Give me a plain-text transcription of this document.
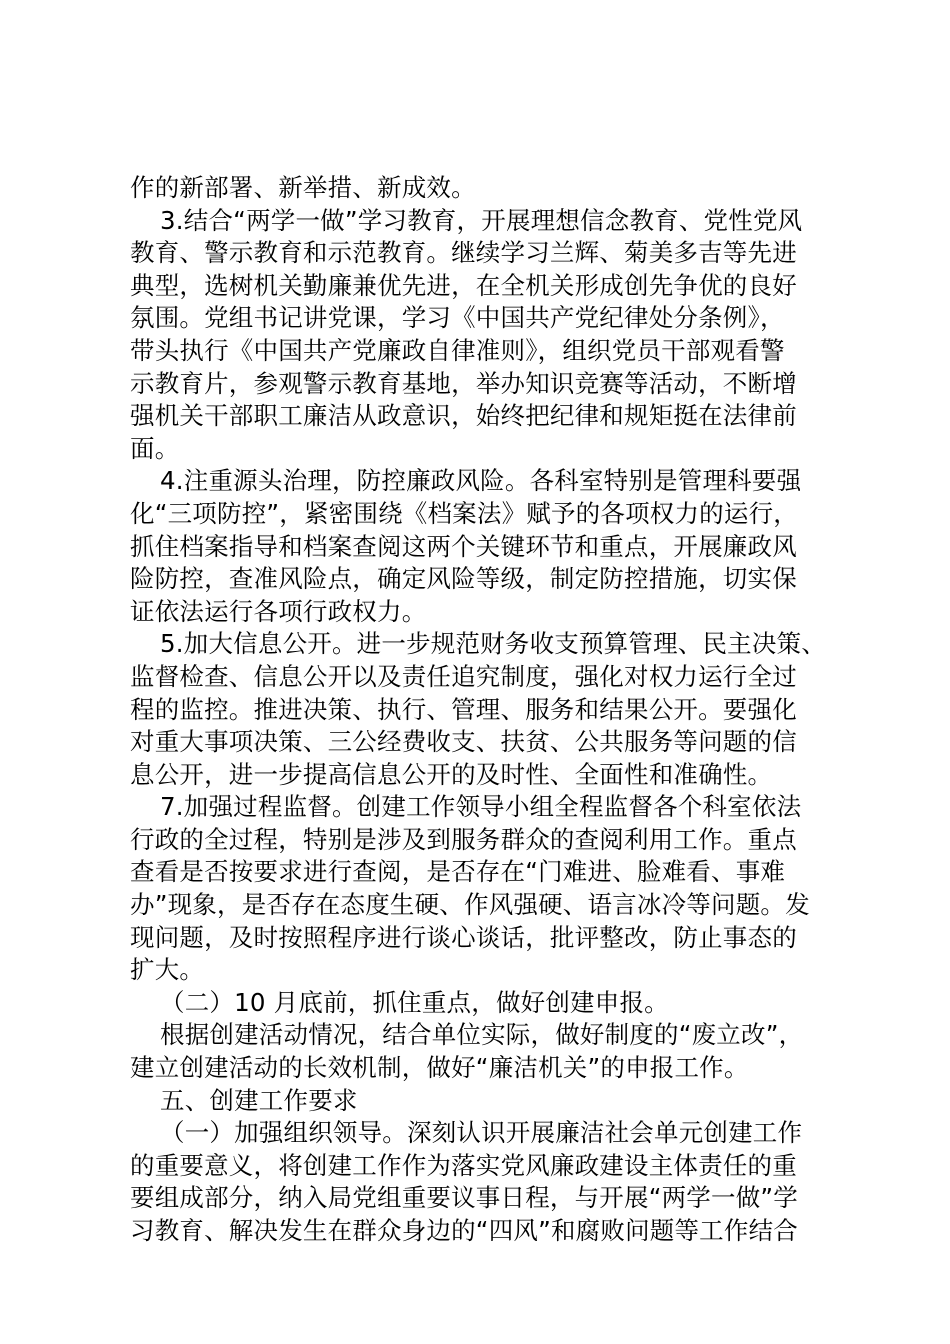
作的新部署、新举措、新成效。
3.结合“两学一做”学习教育，开展理想信念教育、党性党风
教育、警示教育和示范教育。继续学习兰辉、菊美多吉等先进
典型，选树机关勤廉兼优先进，在全机关形成创先争优的良好
氛围。党组书记讲党课，学习《中国共产党纪律处分条例》，
带头执行《中国共产党廉政自律准则》，组织党员干部观看警
示教育片，参观警示教育基地，举办知识竞赛等活动，不断增
强机关干部职工廉洁从政意识，始终把纪律和规矩挺在法律前
面。
4.注重源头治理，防控廉政风险。各科室特别是管理科要强
化“三项防控”，紧密围绕《档案法》赋予的各项权力的运行，
抓住档案指导和档案查阅这两个关键环节和重点，开展廉政风
险防控，查准风险点，确定风险等级，制定防控措施，切实保
证依法运行各项行政权力。
5.加大信息公开。进一步规范财务收支预算管理、民主决策、
监督检查、信息公开以及责任追究制度，强化对权力运行全过
程的监控。推进决策、执行、管理、服务和结果公开。要强化
对重大事项决策、三公经费收支、扶贫、公共服务等问题的信
息公开，进一步提高信息公开的及时性、全面性和准确性。
7.加强过程监督。创建工作领导小组全程监督各个科室依法
行政的全过程，特别是涉及到服务群众的查阅利用工作。重点
查看是否按要求进行查阅，是否存在“门难进、脸难看、事难
办”现象，是否存在态度生硬、作风强硬、语言冰冷等问题。发
现问题，及时按照程序进行谈心谈话，批评整改，防止事态的
扩大。
（二）10 月底前，抓住重点，做好创建申报。
根据创建活动情况，结合单位实际，做好制度的“废立改”，
建立创建活动的长效机制，做好“廉洁机关”的申报工作。
五、创建工作要求
（一）加强组织领导。深刻认识开展廉洁社会单元创建工作
的重要意义，将创建工作作为落实党风廉政建设主体责任的重
要组成部分，纳入局党组重要议事日程，与开展“两学一做”学
习教育、解决发生在群众身边的“四风”和腐败问题等工作结合
